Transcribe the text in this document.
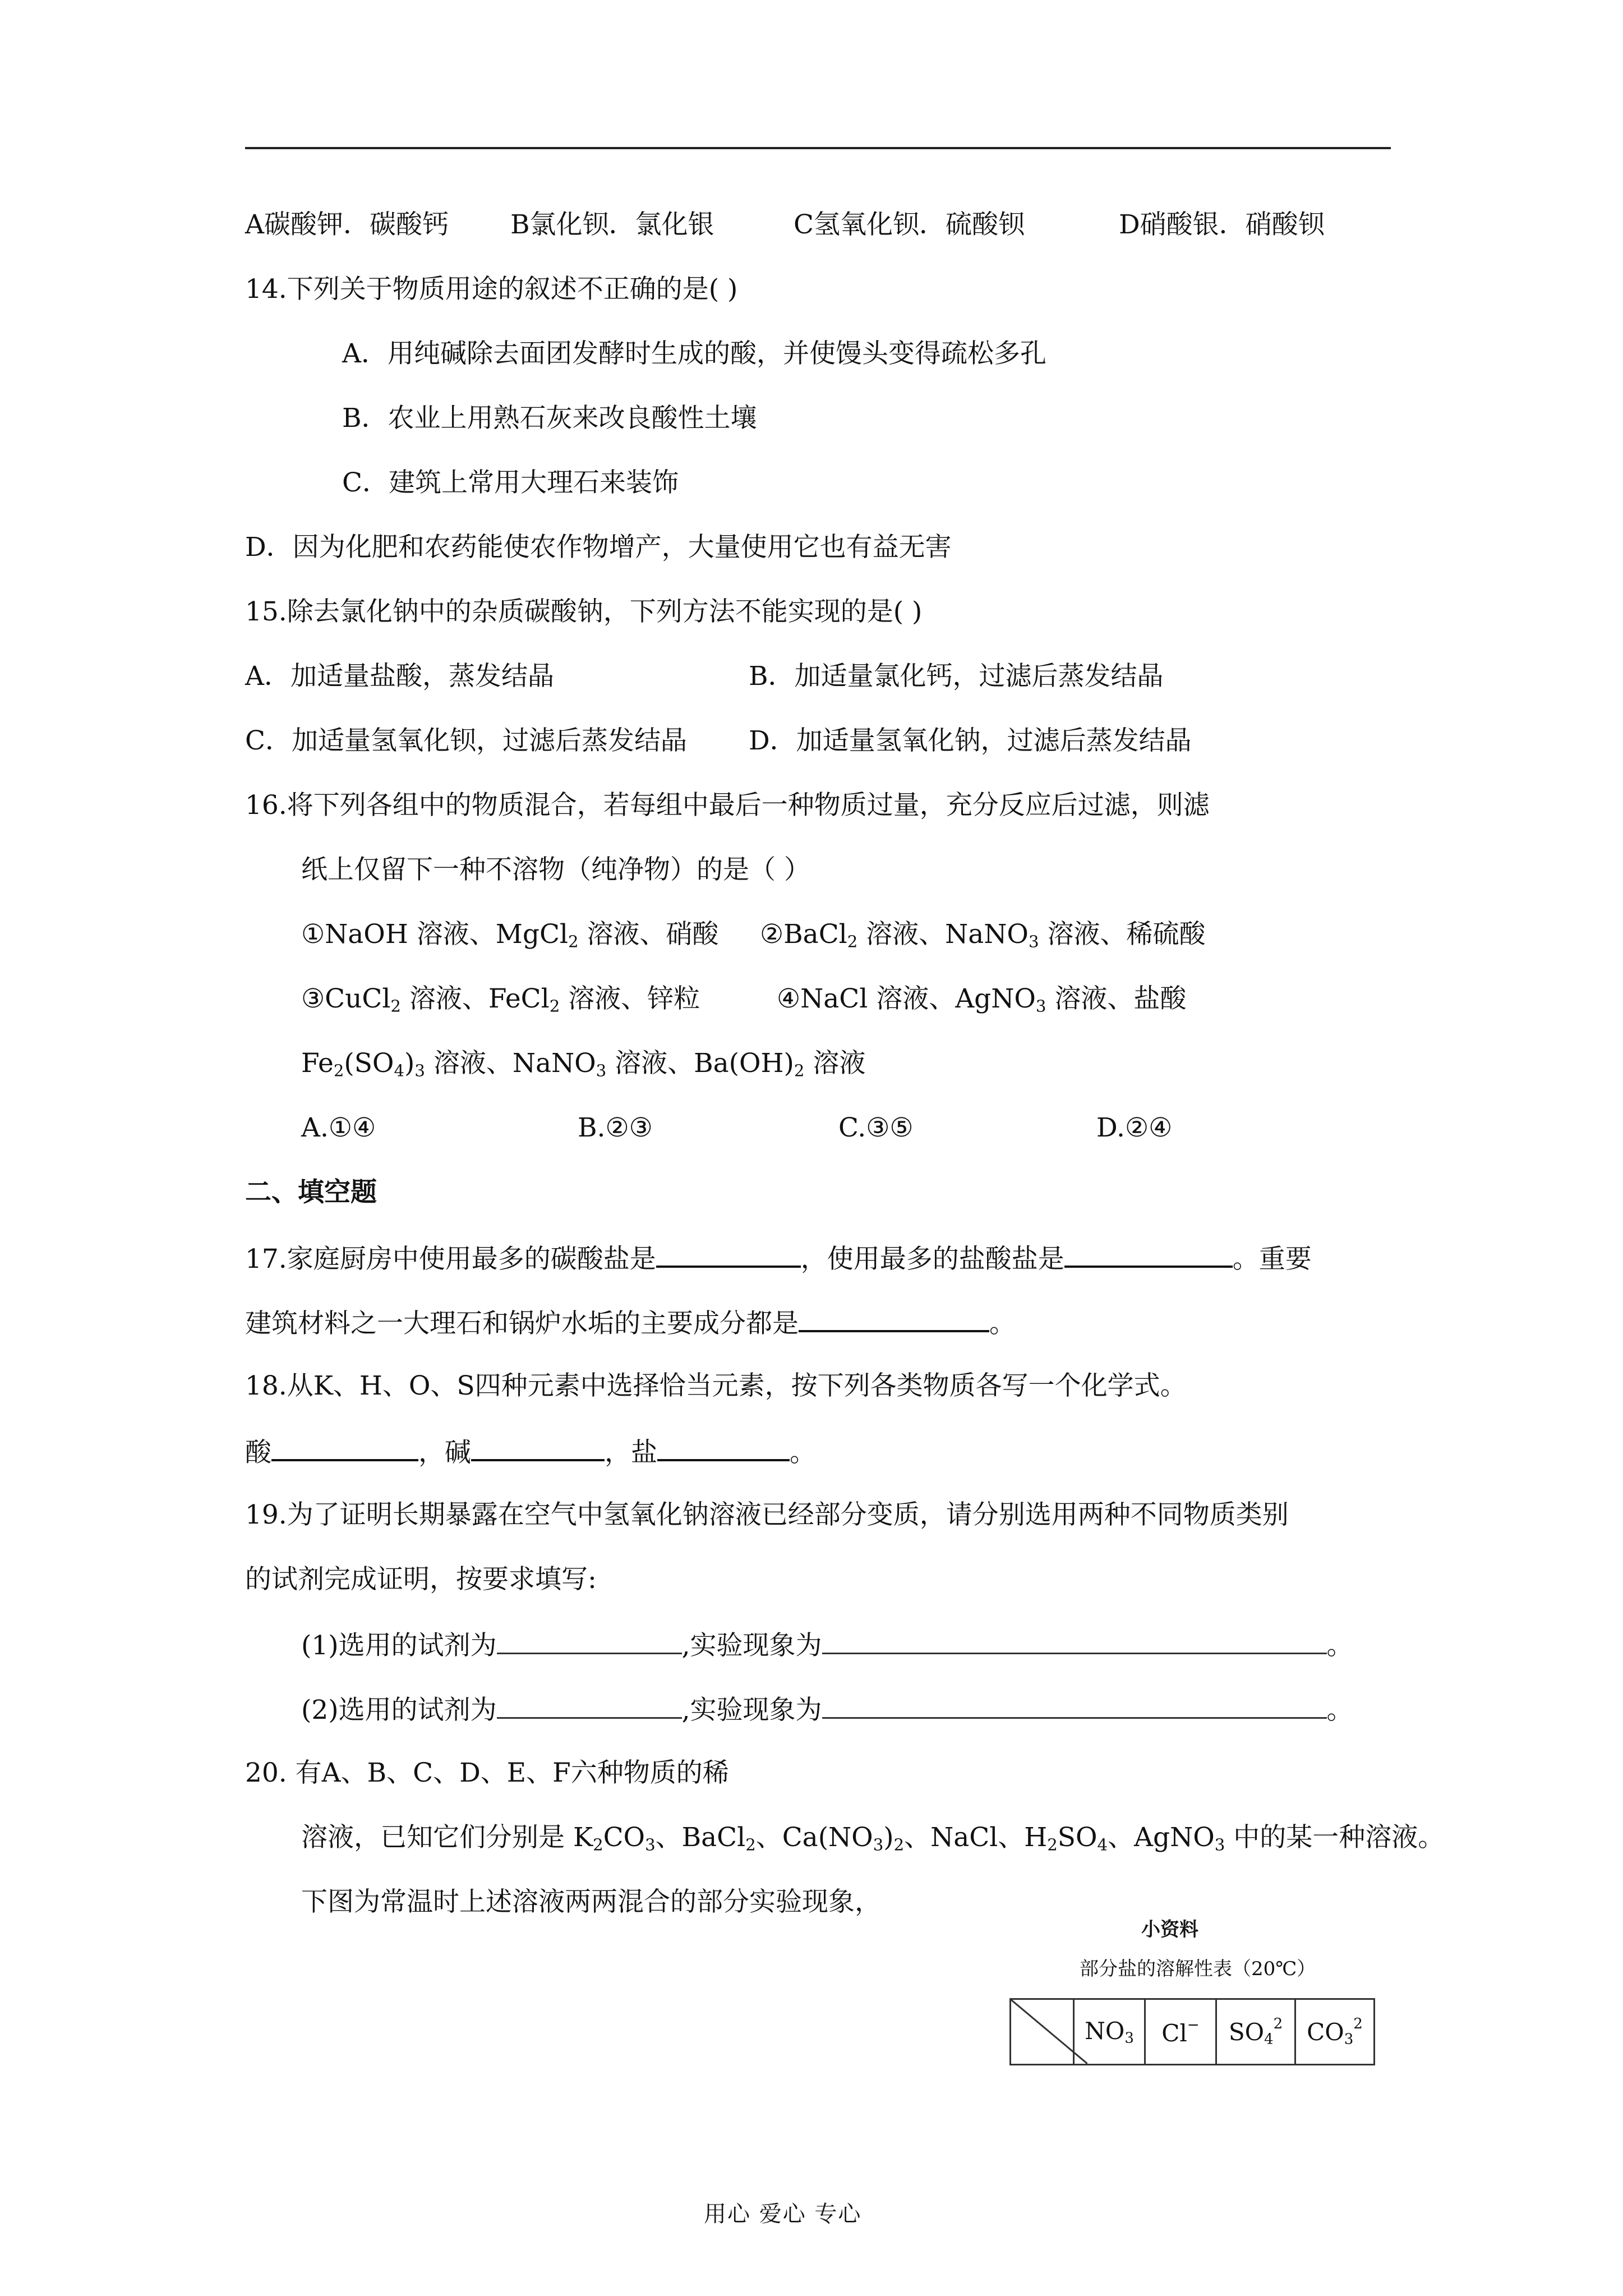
A碳酸钾．碳酸钙 B氯化钡．氯化银	C氢氧化钡．硫酸钡	D硝酸银．硝酸钡
14.下列关于物质用途的叙述不正确的是( )
A．用纯碱除去面团发酵时生成的酸，并使馒头变得疏松多孔
B．农业上用熟石灰来改良酸性土壤
C．建筑上常用大理石来装饰
D．因为化肥和农药能使农作物增产，大量使用它也有益无害
15.除去氯化钠中的杂质碳酸钠，下列方法不能实现的是( )
A．加适量盐酸，蒸发结晶	B．加适量氯化钙，过滤后蒸发结晶
C．加适量氢氧化钡，过滤后蒸发结晶 D．加适量氢氧化钠，过滤后蒸发结晶
16.将下列各组中的物质混合，若每组中最后一种物质过量，充分反应后过滤，则滤
纸上仅留下一种不溶物（纯净物）的是（ ）
①NaOH 溶液、MgCl$_2$ 溶液、硝酸 ②BaCl$_2$ 溶液、NaNO$_3$ 溶液、稀硫酸
③CuCl$_2$ 溶液、FeCl$_2$ 溶液、锌粒	④NaCl 溶液、AgNO$_3$ 溶液、盐酸
$Fe_2(SO_4)_3$ 溶液、NaNO$_3$ 溶液、$Ba(OH)_2$ 溶液
A.①④	B.②③	C.③⑤	D.②④
二、填空题
17.家庭厨房中使用最多的碳酸盐是	，使用最多的盐酸盐是	。重要
建筑材料之一大理石和锅炉水垢的主要成分都是	。
18.从K、H、O、S四种元素中选择恰当元素，按下列各类物质各写一个化学式。
酸	，碱	，盐	。
19.为了证明长期暴露在空气中氢氧化钠溶液已经部分变质，请分别选用两种不同物质类别
的试剂完成证明，按要求填写:
(1)选用的试剂为	,实验现象为	。
(2)选用的试剂为	,实验现象为	。
20. 有A、B、C、D、E、F六种物质的稀
溶液，已知它们分别是 $K_2CO_3$、BaCl$_2$、$Ca(NO_3)_2$、NaCl、$H_2SO_4$、AgNO$_3$ 中的某一种溶液。
下图为常温时上述溶液两两混合的部分实验现象，
小资料
部分盐的溶解性表（20℃）
	$NO_3$	Cl−	$SO_4^2$	$CO_3^2$
用心 爱心 专心
